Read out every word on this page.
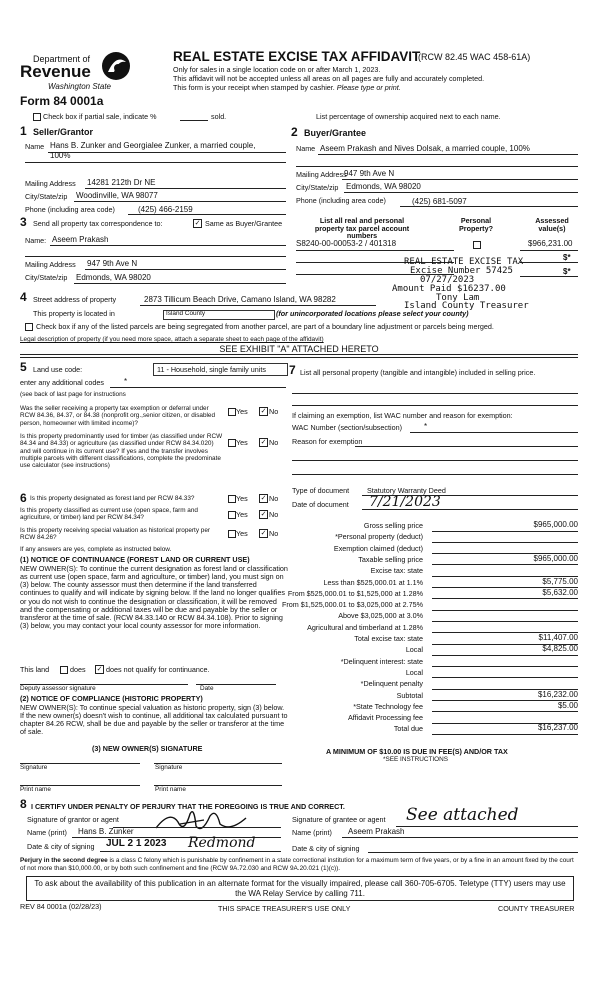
Department of
Revenue
Washington State
Form 84 0001a
REAL ESTATE EXCISE TAX AFFIDAVIT
(RCW 82.45 WAC 458-61A)
Only for sales in a single location code on or after March 1, 2023.
This affidavit will not be accepted unless all areas on all pages are fully and accurately completed.
This form is your receipt when stamped by cashier. Please type or print.
Check box if partial sale, indicate %	sold.	List percentage of ownership acquired next to each name.
1 Seller/Grantor
Name Hans B. Zunker and Georgialee Zunker, a married couple,
100%
Mailing Address 14281 212th Dr NE
City/State/zip Woodinville, WA 98077
Phone (including area code)	(425) 466-2159
2 Buyer/Grantee
Name Aseem Prakash and Nives Dolsak, a married couple, 100%
Mailing Address
947 9th Ave N
City/State/zip Edmonds, WA 98020
Phone (including area code)	(425) 681-5097
3 Send all property tax correspondence to:	✓ Same as Buyer/Grantee
Name: Aseem Prakash
Mailing Address 947 9th Ave N
City/State/zip Edmonds, WA 98020
List all real and personal property tax parcel account numbers
Personal Property?
Assessed value(s)
S8240-00-00053-2 / 401318	$966,231.00
$*
$*
REAL ESTATE EXCISE TAX
Excise Number 57425
07/27/2023
Amount Paid $16237.00
Tony Lam
Island County Treasurer
4 Street address of property	2873 Tillicum Beach Drive, Camano Island, WA 98282
This property is located in	Island County	(for unincorporated locations please select your county)
Check box if any of the listed parcels are being segregated from another parcel, are part of a boundary line adjustment or parcels being merged.
Legal description of property (if you need more space, attach a separate sheet to each page of the affidavit)
SEE EXHIBIT "A" ATTACHED HERETO
5 Land use code:	11 - Household, single family units
enter any additional codes	*
(see back of last page for instructions
Was the seller receiving a property tax exemption or deferral under RCW 84.36, 84.37, or 84.38 (nonprofit org.,senior citizen, or disabled person, homeowner with limited income)?
Yes ✓ No
Is this property predominantly used for timber (as classified under RCW 84.34 and 84.33) or agriculture (as classified under RCW 84.34.020) and will continue in its current use? If yes and the transfer involves multiple parcels with different classifications, complete the predominate use calculator (see instructions)
Yes ✓ No
7 List all personal property (tangible and intangible) included in selling price.
If claiming an exemption, list WAC number and reason for exemption:
WAC Number (section/subsection)	*
Reason for exemption
6 Is this property designated as forest land per RCW 84.33?	Yes ✓ No
Is this property classified as current use (open space, farm and agriculture, or timber) land per RCW 84.34?	Yes ✓ No
Is this property receiving special valuation as historical property per RCW 84.26?	Yes ✓ No
If any answers are yes, complete as instructed below.
(1) NOTICE OF CONTINUANCE (FOREST LAND OR CURRENT USE)
NEW OWNER(S): To continue the current designation as forest land or classification as current use (open space, farm and agriculture, or timber) land, you must sign on (3) below. The county assessor must then determine if the land transferred continues to qualify and will indicate by signing below. If the land no longer qualifies or you do not wish to continue the designation or classification, it will be removed and the compensating or additional taxes will be due and payable by the seller or transferor at the time of sale. (RCW 84.33.140 or RCW 84.34.108). Prior to signing (3) below, you may contact your local county assessor for more information.
This land	does ✓ does not qualify for continuance.
Deputy assessor signature	Date
(2) NOTICE OF COMPLIANCE (HISTORIC PROPERTY)
NEW OWNER(S): To continue special valuation as historic property, sign (3) below. If the new owner(s) doesn't wish to continue, all additional tax calculated pursuant to chapter 84.26 RCW, shall be due and payable by the seller or transferor at the time of sale.
(3) NEW OWNER(S) SIGNATURE
Signature	Signature
Print name	Print name
Type of document Statutory Warranty Deed
Date of document 7/21/2023
Gross selling price	$965,000.00
*Personal property (deduct)
Exemption claimed (deduct)
Taxable selling price	$965,000.00
Excise tax: state
Less than $525,000.01 at 1.1%	$5,775.00
From $525,000.01 to $1,525,000 at 1.28%	$5,632.00
From $1,525,000.01 to $3,025,000 at 2.75%
Above $3,025,000 at 3.0%
Agricultural and timberland at 1.28%
Total excise tax: state	$11,407.00
Local	$4,825.00
*Delinquent interest: state
Local
*Delinquent penalty
Subtotal	$16,232.00
*State Technology fee	$5.00
Affidavit Processing fee
Total due	$16,237.00
A MINIMUM OF $10.00 IS DUE IN FEE(S) AND/OR TAX
*SEE INSTRUCTIONS
8 I CERTIFY UNDER PENALTY OF PERJURY THAT THE FOREGOING IS TRUE AND CORRECT.
Signature of grantor or agent
Name (print) Hans B. Zunker
Date & city of signing JUL 2 1 2023 Redmond
Signature of grantee or agent See attached
Name (print) Aseem Prakash
Date & city of signing
Perjury in the second degree is a class C felony which is punishable by confinement in a state correctional institution for a maximum term of five years, or by a fine in an amount fixed by the court of not more than $10,000.00, or by both such confinement and fine (RCW 9A.72.030 and RCW 9A.20.021 (1)(c)).
To ask about the availability of this publication in an alternate format for the visually impaired, please call 360-705-6705. Teletype (TTY) users may use the WA Relay Service by calling 711.
REV 84 0001a (02/28/23)	THIS SPACE TREASURER'S USE ONLY	COUNTY TREASURER
